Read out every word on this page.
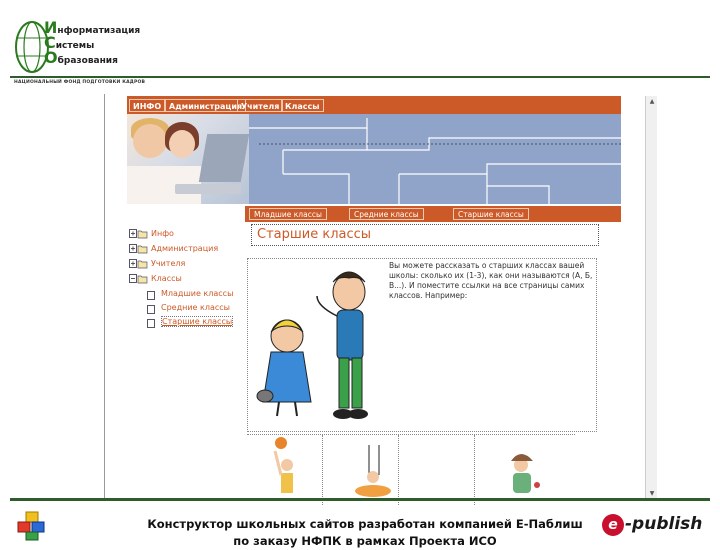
Информатизация
Системы
Образования
НАЦИОНАЛЬНЫЙ ФОНД ПОДГОТОВКИ КАДРОВ
ИНФО Администрация
Учителя Классы
Младшие классы	Средние классы	Старшие классы
Инфо
Администрация
Учителя
Классы
Младшие классы
Средние классы
Старшие классы
Старшие классы
Вы можете рассказать о старших классах вашей школы: сколько их (1-3), как они называются (А, Б, В...). И поместите ссылки на все страницы самих классов. Например:
▲
▼
Конструктор школьных сайтов разработан компанией Е-Паблиш
по заказу НФПК в рамках Проекта ИСО
e -publish
